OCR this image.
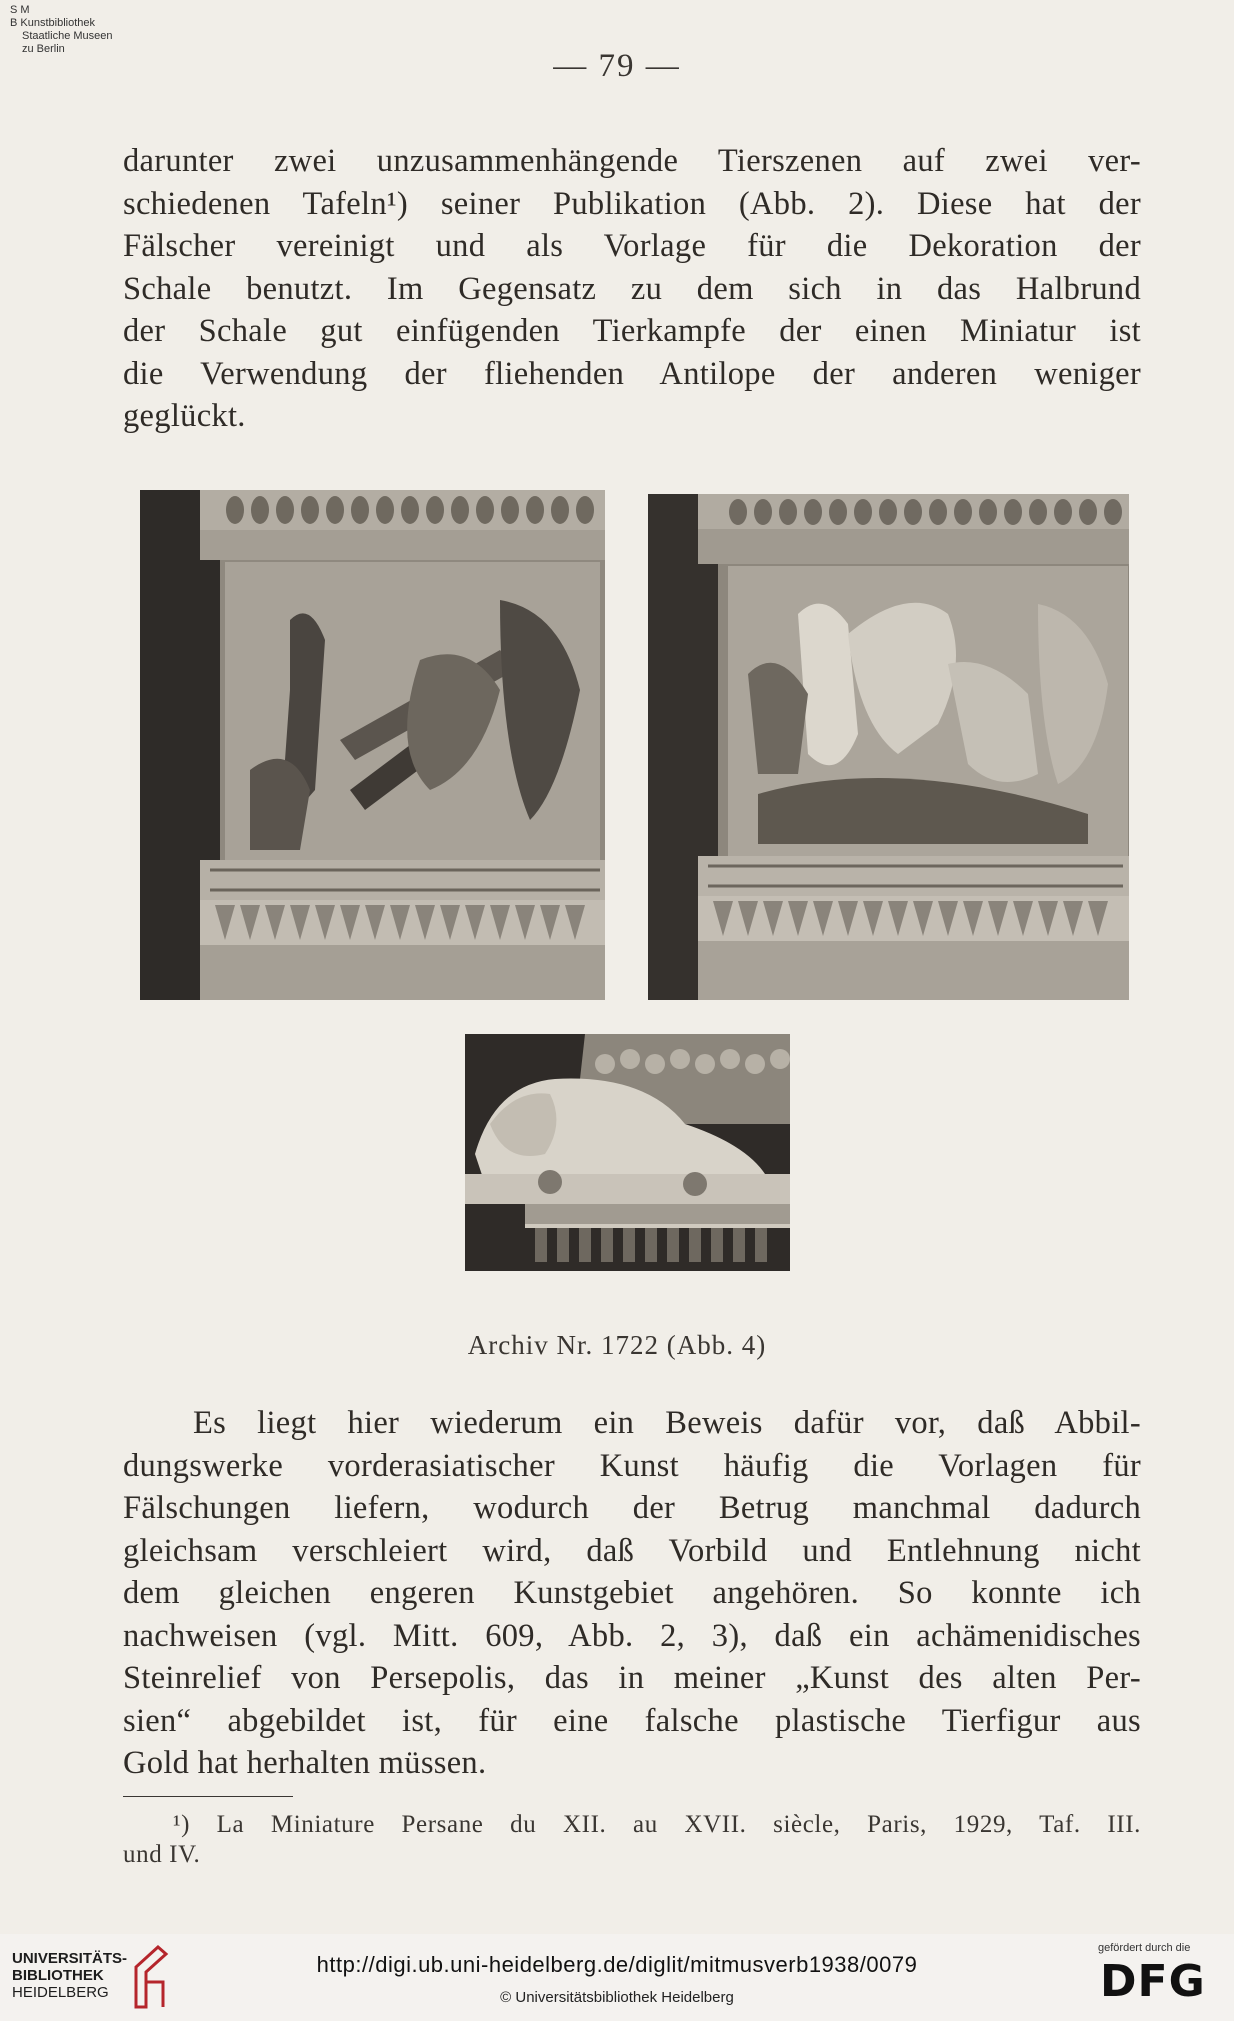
S M
B Kunstbibliothek
Staatliche Museen
zu Berlin	— 79 —
darunter zwei unzusammenhängende Tierszenen auf zwei ver-
schiedenen Tafeln¹) seiner Publikation (Abb. 2). Diese hat der
Fälscher vereinigt und als Vorlage für die Dekoration der
Schale benutzt. Im Gegensatz zu dem sich in das Halbrund
der Schale gut einfügenden Tierkampfe der einen Miniatur ist
die Verwendung der fliehenden Antilope der anderen weniger
geglückt.
Archiv Nr. 1722 (Abb. 4)
Es liegt hier wiederum ein Beweis dafür vor, daß Abbil-
dungswerke vorderasiatischer Kunst häufig die Vorlagen für
Fälschungen liefern, wodurch der Betrug manchmal dadurch
gleichsam verschleiert wird, daß Vorbild und Entlehnung nicht
dem gleichen engeren Kunstgebiet angehören. So konnte ich
nachweisen (vgl. Mitt. 609, Abb. 2, 3), daß ein achämenidisches
Steinrelief von Persepolis, das in meiner „Kunst des alten Per-
sien“ abgebildet ist, für eine falsche plastische Tierfigur aus
Gold hat herhalten müssen.
¹) La Miniature Persane du XII. au XVII. siècle, Paris, 1929, Taf. III.
und IV.
UNIVERSITÄTS-
BIBLIOTHEK
HEIDELBERG
http://digi.ub.uni-heidelberg.de/diglit/mitmusverb1938/0079
© Universitätsbibliothek Heidelberg
gefördert durch die
DFG
